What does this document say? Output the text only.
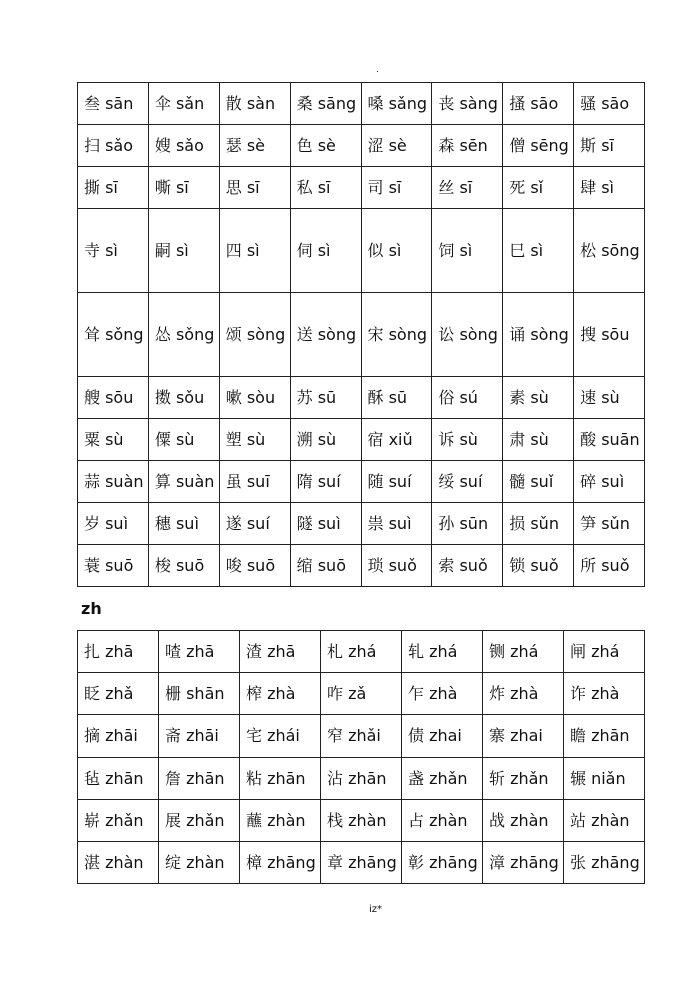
.
叁 sān	伞 sǎn	散 sàn	桑 sāng	嗓 sǎng	丧 sàng	搔 sāo	骚 sāo
扫 sǎo	嫂 sǎo	瑟 sè	色 sè	涩 sè	森 sēn	僧 sēng	斯 sī
撕 sī	嘶 sī	思 sī	私 sī	司 sī	丝 sī	死 sǐ	肆 sì
寺 sì	嗣 sì	四 sì	伺 sì	似 sì	饲 sì	巳 sì	松 sōng
耸 sǒng	怂 sǒng	颂 sòng	送 sòng	宋 sòng	讼 sòng	诵 sòng	搜 sōu
艘 sōu	擞 sǒu	嗽 sòu	苏 sū	酥 sū	俗 sú	素 sù	速 sù
粟 sù	僳 sù	塑 sù	溯 sù	宿 xiǔ	诉 sù	肃 sù	酸 suān
蒜 suàn	算 suàn	虽 suī	隋 suí	随 suí	绥 suí	髓 suǐ	碎 suì
岁 suì	穗 suì	遂 suí	隧 suì	祟 suì	孙 sūn	损 sǔn	笋 sǔn
蓑 suō	梭 suō	唆 suō	缩 suō	琐 suǒ	索 suǒ	锁 suǒ	所 suǒ
zh
扎 zhā	喳 zhā	渣 zhā	札 zhá	轧 zhá	铡 zhá	闸 zhá
眨 zhǎ	栅 shān	榨 zhà	咋 zǎ	乍 zhà	炸 zhà	诈 zhà
摘 zhāi	斋 zhāi	宅 zhái	窄 zhǎi	债 zhai	寨 zhai	瞻 zhān
毡 zhān	詹 zhān	粘 zhān	沾 zhān	盏 zhǎn	斩 zhǎn	辗 niǎn
崭 zhǎn	展 zhǎn	蘸 zhàn	栈 zhàn	占 zhàn	战 zhàn	站 zhàn
湛 zhàn	绽 zhàn	樟 zhāng	章 zhāng	彰 zhāng	漳 zhāng	张 zhāng
iz*
